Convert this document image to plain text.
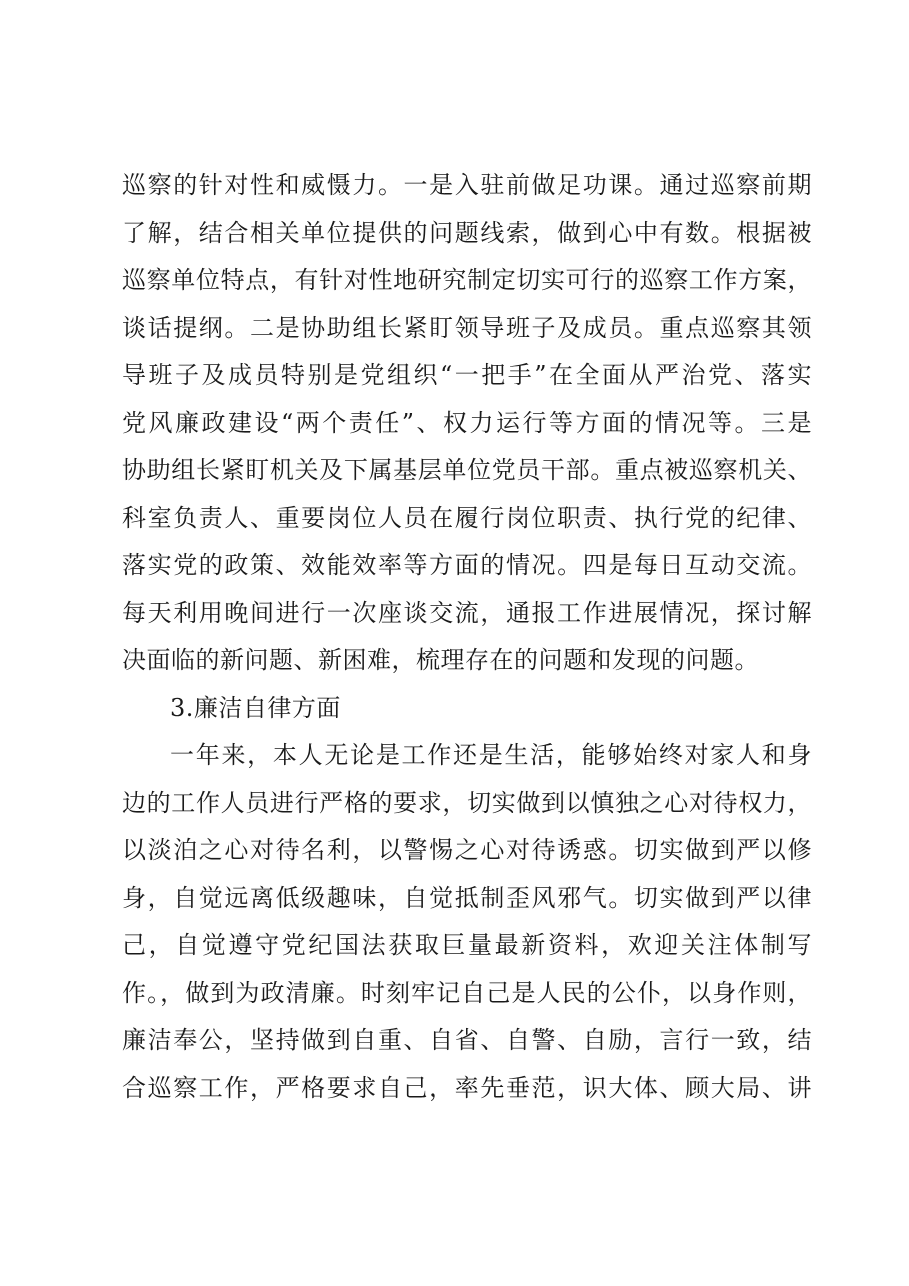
巡察的针对性和威慑力。一是入驻前做足功课。通过巡察前期
了解，结合相关单位提供的问题线索，做到心中有数。根据被
巡察单位特点，有针对性地研究制定切实可行的巡察工作方案，
谈话提纲。二是协助组长紧盯领导班子及成员。重点巡察其领
导班子及成员特别是党组织“一把手”在全面从严治党、落实
党风廉政建设“两个责任”、权力运行等方面的情况等。三是
协助组长紧盯机关及下属基层单位党员干部。重点被巡察机关、
科室负责人、重要岗位人员在履行岗位职责、执行党的纪律、
落实党的政策、效能效率等方面的情况。四是每日互动交流。
每天利用晚间进行一次座谈交流，通报工作进展情况，探讨解
决面临的新问题、新困难，梳理存在的问题和发现的问题。
3.廉洁自律方面
一年来，本人无论是工作还是生活，能够始终对家人和身
边的工作人员进行严格的要求，切实做到以慎独之心对待权力，
以淡泊之心对待名利，以警惕之心对待诱惑。切实做到严以修
身，自觉远离低级趣味，自觉抵制歪风邪气。切实做到严以律
己，自觉遵守党纪国法获取巨量最新资料，欢迎关注体制写
作。，做到为政清廉。时刻牢记自己是人民的公仆，以身作则，
廉洁奉公，坚持做到自重、自省、自警、自励，言行一致，结
合巡察工作，严格要求自己，率先垂范，识大体、顾大局、讲
